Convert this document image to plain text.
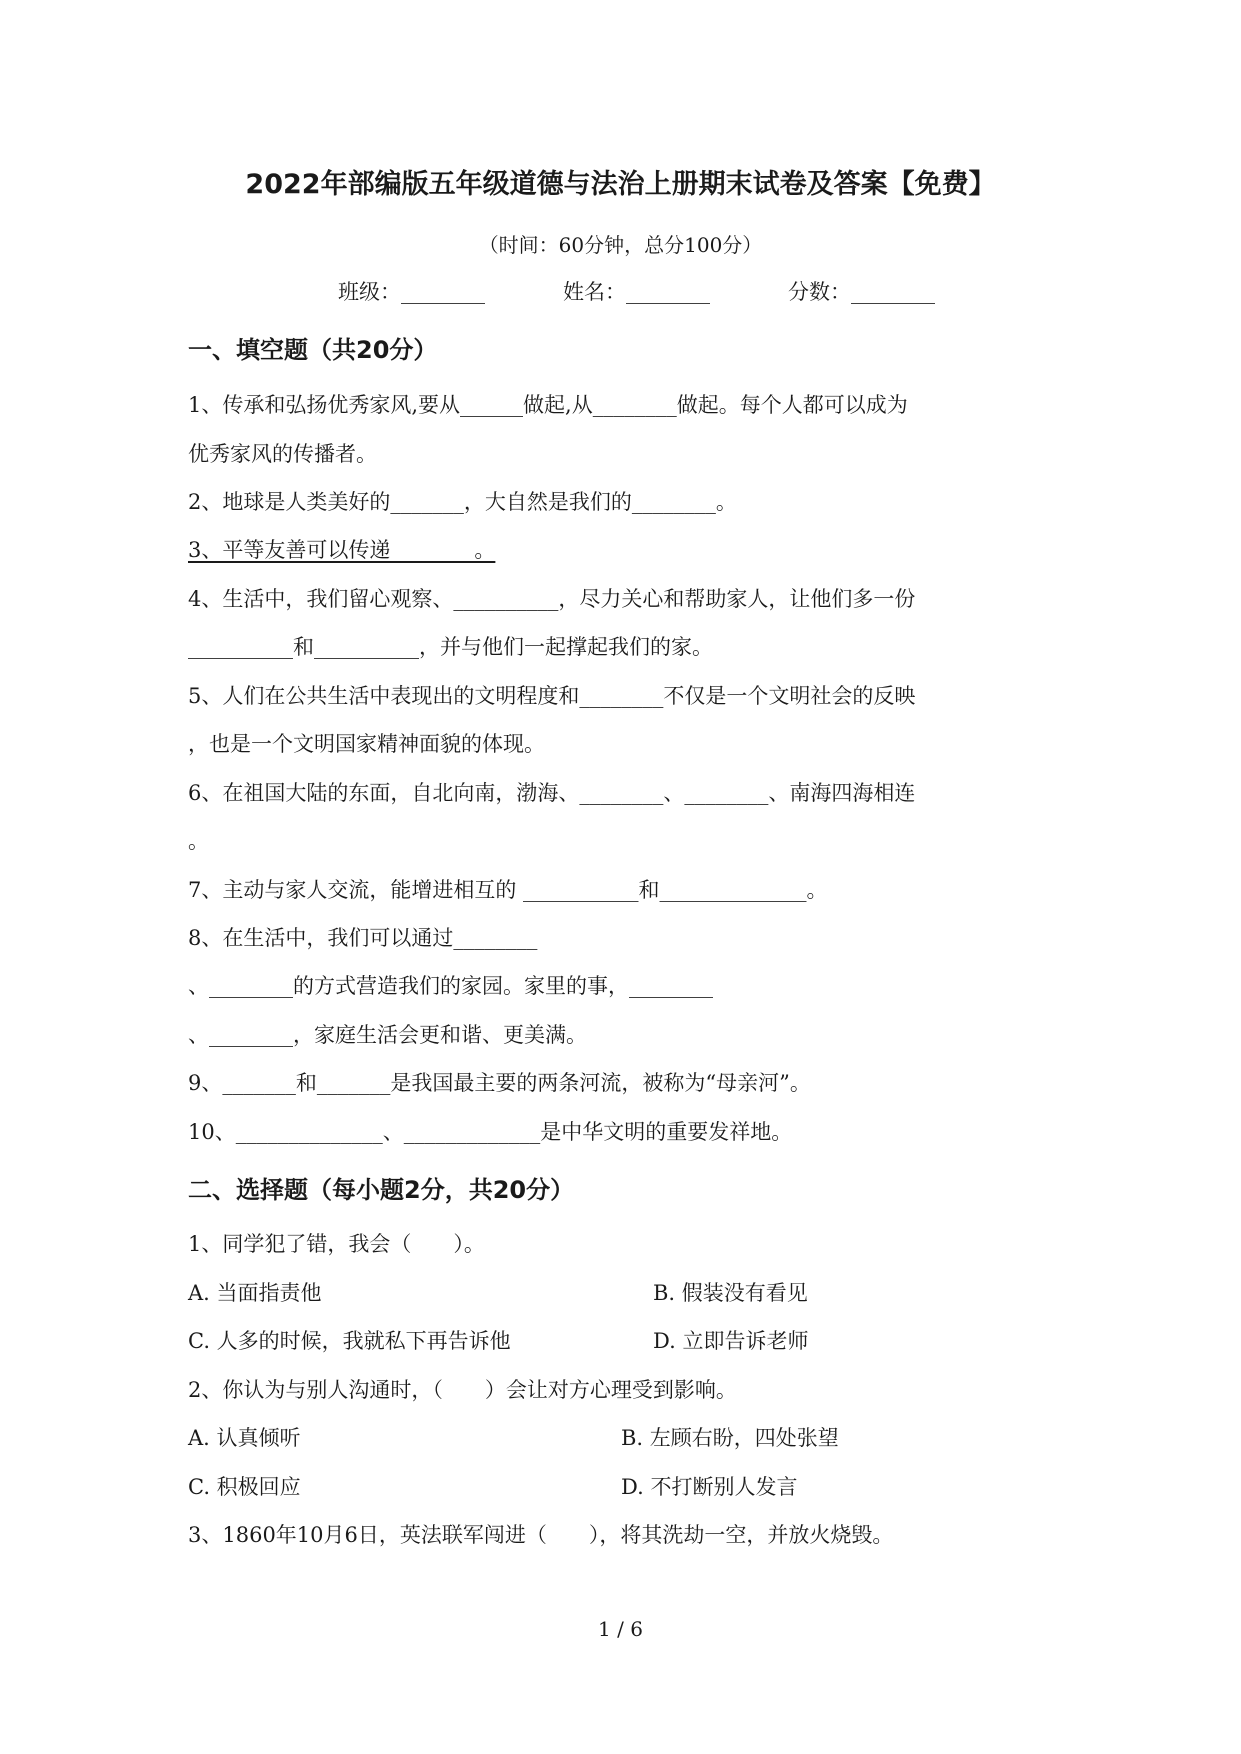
2022年部编版五年级道德与法治上册期末试卷及答案【免费】
（时间：60分钟，总分100分）
班级：________	姓名：________	分数：________
一、填空题（共20分）
1、传承和弘扬优秀家风,要从______做起,从________做起。每个人都可以成为
优秀家风的传播者。
2、地球是人类美好的_______，大自然是我们的________。
3、平等友善可以传递________。
4、生活中，我们留心观察、__________，尽力关心和帮助家人，让他们多一份
__________和__________，并与他们一起撑起我们的家。
5、人们在公共生活中表现出的文明程度和________不仅是一个文明社会的反映
，也是一个文明国家精神面貌的体现。
6、在祖国大陆的东面，自北向南，渤海、________、________、南海四海相连
。
7、主动与家人交流，能增进相互的 ___________和______________。
8、在生活中，我们可以通过________
、________的方式营造我们的家园。家里的事，________
、________，家庭生活会更和谐、更美满。
9、_______和_______是我国最主要的两条河流，被称为“母亲河”。
10、______________、_____________是中华文明的重要发祥地。
二、选择题（每小题2分，共20分）
1、同学犯了错，我会（　　）。
A. 当面指责他	B. 假装没有看见
C. 人多的时候，我就私下再告诉他	D. 立即告诉老师
2、你认为与别人沟通时，（　　）会让对方心理受到影响。
A. 认真倾听	B. 左顾右盼，四处张望
C. 积极回应	D. 不打断别人发言
3、1860年10月6日，英法联军闯进（　　），将其洗劫一空，并放火烧毁。
1 / 6
